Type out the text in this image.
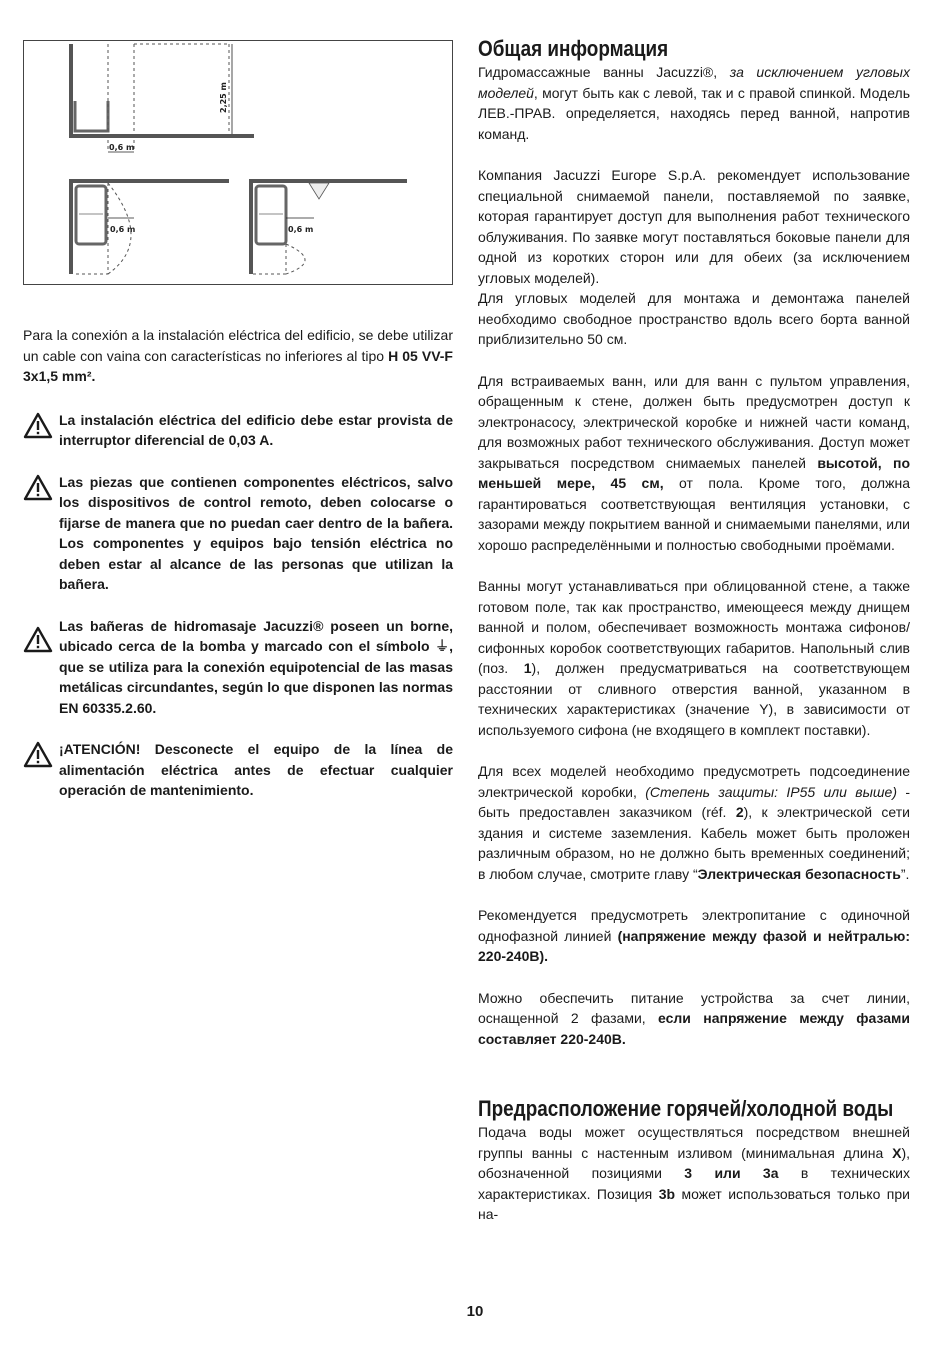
2,25 m
0,6 m
0,6 m	0,6 m

Para la conexión a la instalación eléctrica del edificio, se debe utilizar un cable con vaina con características no inferiores al tipo H 05 VV-F 3x1,5 mm².

La instalación eléctrica del edificio debe estar provista de interruptor diferencial de 0,03 A.
Las piezas que contienen componentes eléctricos, salvo los dispositivos de control remoto, deben colocarse o fijarse de manera que no puedan caer dentro de la bañera. Los componentes y equipos bajo tensión eléctrica no deben estar al alcance de las personas que utilizan la bañera.
Las bañeras de hidromasaje Jacuzzi® poseen un borne, ubicado cerca de la bomba y marcado con el símbolo ⏚, que se utiliza para la conexión equipotencial de las masas metálicas circundantes, según lo que disponen las normas EN 60335.2.60.
¡ATENCIÓN! Desconecte el equipo de la línea de alimentación eléctrica antes de efectuar cualquier operación de mantenimiento.
Общая информация

Гидромассажные ванны Jacuzzi®, за исключением угловых моделей, могут быть как с левой, так и с правой спинкой. Модель ЛЕВ.-ПРАВ. определяется, находясь перед ванной, напротив команд.

Компания Jacuzzi Europe S.p.A. рекомендует использование специальной снимаемой панели, поставляемой по заявке, которая гарантирует доступ для выполнения работ технического облуживания. По заявке могут поставляться боковые панели для одной из коротких сторон или для обеих (за исключением угловых моделей).

Для угловых моделей для монтажа и демонтажа панелей необходимо свободное пространство вдоль всего борта ванной приблизительно 50 см.

Для встраиваемых ванн, или для ванн с пультом управления, обращенным к стене, должен быть предусмотрен доступ к электронасосу, электрической коробке и нижней части команд, для возможных работ технического обслуживания. Доступ может закрываться посредством снимаемых панелей высотой, по меньшей мере, 45 см, от пола. Кроме того, должна гарантироваться соответствующая вентиляция установки, с зазорами между покрытием ванной и снимаемыми панелями, или хорошо распределёнными и полностью свободными проёмами.

Ванны могут устанавливаться при облицованной стене, а также готовом поле, так как пространство, имеющееся между днищем ванной и полом, обеспечивает возможность монтажа сифонов/сифонных коробок соответствующих габаритов. Напольный слив (поз. 1), должен предусматриваться на соответствующем расстоянии от сливного отверстия ванной, указанном в технических характеристиках (значение Y), в зависимости от используемого сифона (не входящего в комплект поставки).

Для всех моделей необходимо предусмотреть подсоединение электрической коробки, (Степень защиты: IP55 или выше) - быть предоставлен заказчиком (réf. 2), к электрической сети здания и системе заземления. Кабель может быть проложен различным образом, но не должно быть временных соединений; в любом случае, смотрите главу “Электрическая безопасность”.

Рекомендуется предусмотреть электропитание с одиночной однофазной линией (напряжение между фазой и нейтралью: 220-240В).

Можно обеспечить питание устройства за счет линии, оснащенной 2 фазами, если напряжение между фазами составляет 220-240В.

Предрасположение горячей/холодной воды

Подача воды может осуществляться посредством внешней группы ванны с настенным изливом (минимальная длина X), обозначенной позициями 3 или 3a в технических характеристиках. Позиция 3b может использоваться только при на-

10
